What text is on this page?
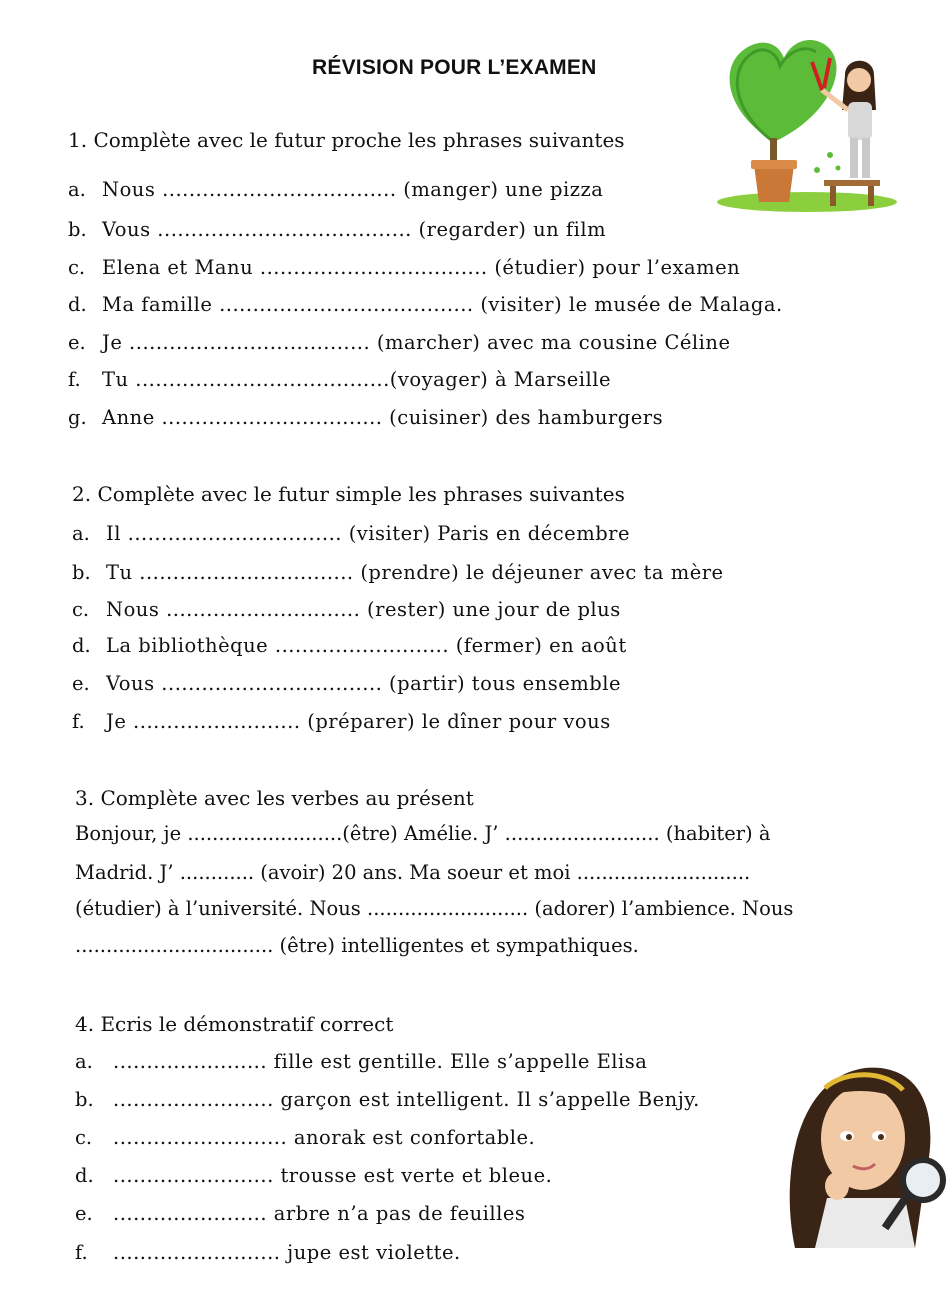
RÉVISION POUR L’EXAMEN
1. Complète avec le futur proche les phrases suivantes
a. Nous ................................... (manger) une pizza
b. Vous ...................................... (regarder) un film
c. Elena et Manu .................................. (étudier) pour l’examen
d. Ma famille ...................................... (visiter) le musée de Malaga.
e. Je .................................... (marcher) avec ma cousine Céline
f. Tu ......................................(voyager) à Marseille
g. Anne ................................. (cuisiner) des hamburgers
2. Complète avec le futur simple les phrases suivantes
a. Il ................................ (visiter) Paris en décembre
b. Tu ................................ (prendre) le déjeuner avec ta mère
c. Nous ............................. (rester) une jour de plus
d. La bibliothèque .......................... (fermer) en août
e. Vous ................................. (partir) tous ensemble
f. Je ......................... (préparer) le dîner pour vous
3. Complète avec les verbes au présent
Bonjour, je .........................(être) Amélie. J’ ......................... (habiter) à
Madrid. J’ ............ (avoir) 20 ans. Ma soeur et moi ............................
(étudier) à l’université. Nous .......................... (adorer) l’ambience. Nous
................................ (être) intelligentes et sympathiques.
4. Ecris le démonstratif correct
a. ....................... fille est gentille. Elle s’appelle Elisa
b. ........................ garçon est intelligent. Il s’appelle Benjy.
c. .......................... anorak est confortable.
d. ........................ trousse est verte et bleue.
e. ....................... arbre n’a pas de feuilles
f. ......................... jupe est violette.
